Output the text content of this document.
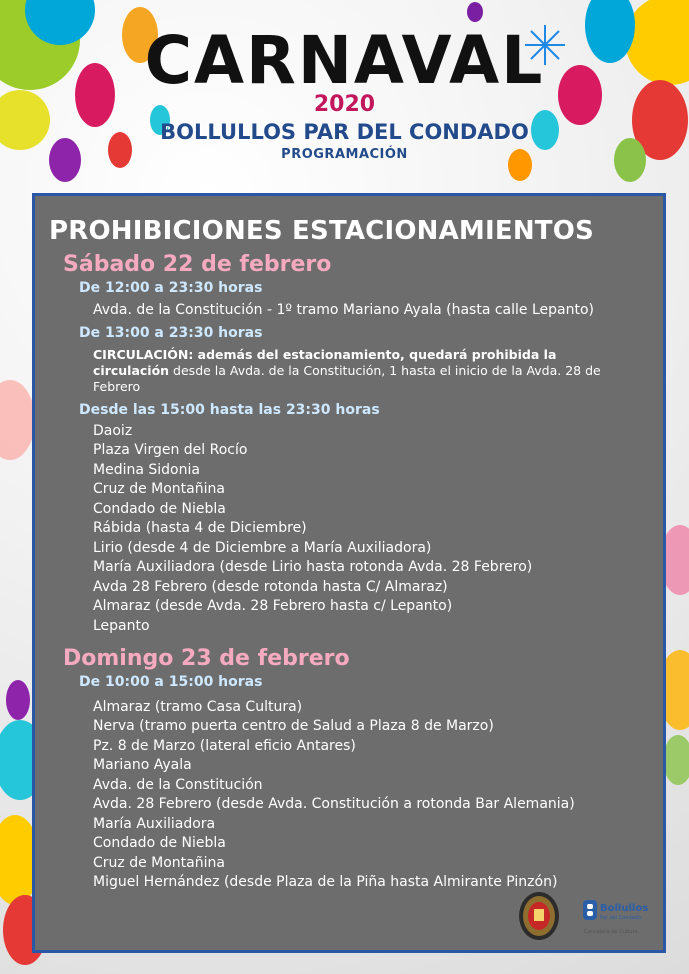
CARNAVAL
2020
BOLLULLOS PAR DEL CONDADO
PROGRAMACIÓN
PROHIBICIONES ESTACIONAMIENTOS
Sábado 22 de febrero
De 12:00 a 23:30 horas
Avda. de la Constitución - 1º tramo Mariano Ayala (hasta calle Lepanto)
De 13:00 a 23:30 horas
CIRCULACIÓN: además del estacionamiento, quedará prohibida la
circulación desde la Avda. de la Constitución, 1 hasta el inicio de la Avda. 28 de Febrero
Desde las 15:00 hasta las 23:30 horas
Daoiz
Plaza Virgen del Rocío
Medina Sidonia
Cruz de Montañina
Condado de Niebla
Rábida (hasta 4 de Diciembre)
Lirio (desde 4 de Diciembre a María Auxiliadora)
María Auxiliadora (desde Lirio hasta rotonda Avda. 28 Febrero)
Avda 28 Febrero (desde rotonda hasta C/ Almaraz)
Almaraz (desde Avda. 28 Febrero hasta c/ Lepanto)
Lepanto
Domingo 23 de febrero
De 10:00 a 15:00 horas
Almaraz (tramo Casa Cultura)
Nerva (tramo puerta centro de Salud a Plaza 8 de Marzo)
Pz. 8 de Marzo (lateral eficio Antares)
Mariano Ayala
Avda. de la Constitución
Avda. 28 Febrero (desde Avda. Constitución a rotonda Bar Alemania)
María Auxiliadora
Condado de Niebla
Cruz de Montañina
Miguel Hernández (desde Plaza de la Piña hasta Almirante Pinzón)
Bollullos
Par del Condado
Concejalía de Cultura
